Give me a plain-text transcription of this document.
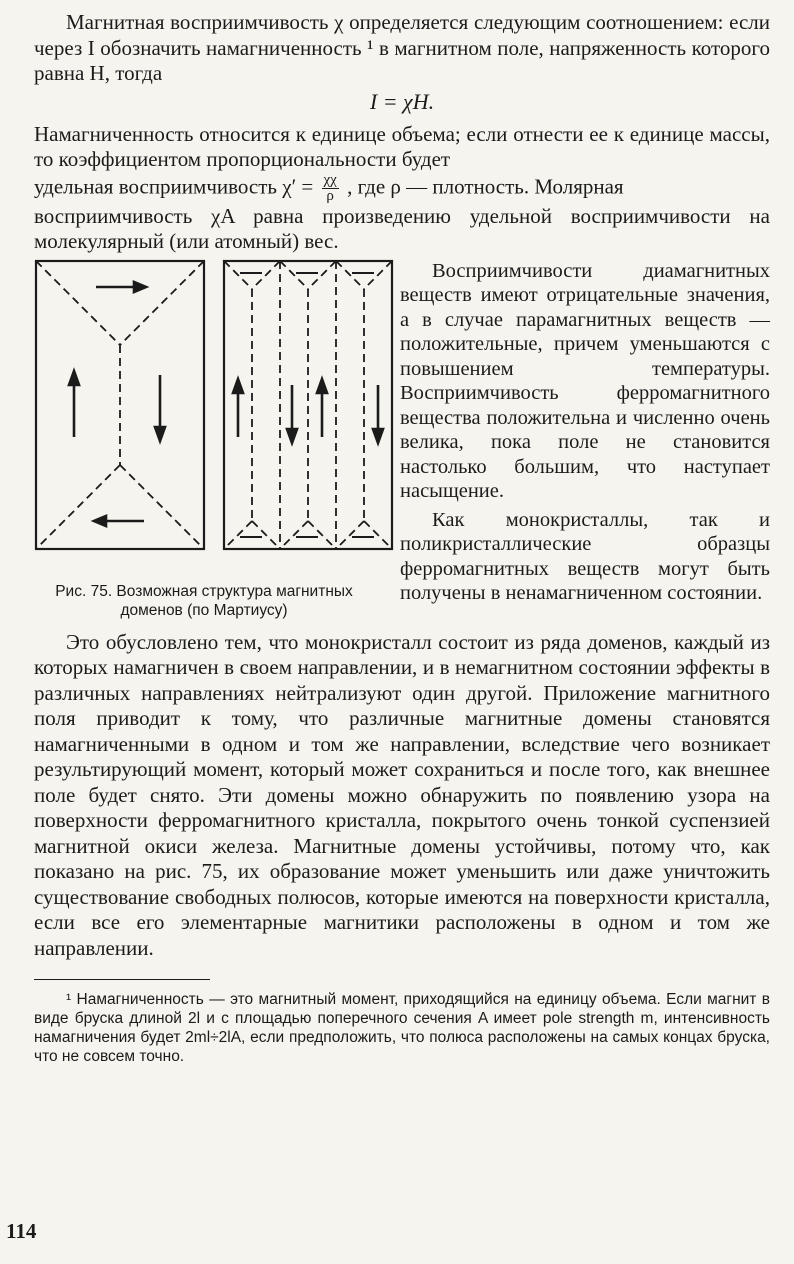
Магнитная восприимчивость χ определяется следующим соотношением: если через I обозначить намагниченность ¹ в магнитном поле, напряженность которого равна H, тогда

I = χH.

Намагниченность относится к единице объема; если отнести ее к единице массы, то коэффициентом пропорциональности будет

удельная восприимчивость $\chi' = \frac{\chi\chi}{\rho}$ , где ρ — плотность. Молярная

восприимчивость χA равна произведению удельной восприимчивости на молекулярный (или атомный) вес.

Рис. 75. Возможная структура магнитных доменов (по Мартиусу)

Восприимчивости диамагнитных веществ имеют отрицательные значения, а в случае парамагнитных веществ — положительные, причем уменьшаются с повышением температуры. Восприимчивость ферромагнитного вещества положительна и численно очень велика, пока поле не становится настолько большим, что наступает насыщение.

Как монокристаллы, так и поликристаллические образцы ферромагнитных веществ могут быть получены в ненамагниченном состоянии.

Это обусловлено тем, что монокристалл состоит из ряда доменов, каждый из которых намагничен в своем направлении, и в немагнитном состоянии эффекты в различных направлениях нейтрализуют один другой. Приложение магнитного поля приводит к тому, что различные магнитные домены становятся намагниченными в одном и том же направлении, вследствие чего возникает результирующий момент, который может сохраниться и после того, как внешнее поле будет снято. Эти домены можно обнаружить по появлению узора на поверхности ферромагнитного кристалла, покрытого очень тонкой суспензией магнитной окиси железа. Магнитные домены устойчивы, потому что, как показано на рис. 75, их образование может уменьшить или даже уничтожить существование свободных полюсов, которые имеются на поверхности кристалла, если все его элементарные магнитики расположены в одном и том же направлении.

¹ Намагниченность — это магнитный момент, приходящийся на единицу объема. Если магнит в виде бруска длиной 2l и с площадью поперечного сечения A имеет pole strength m, интенсивность намагничения будет 2ml÷2lA, если предположить, что полюса расположены на самых концах бруска, что не совсем точно.
114
